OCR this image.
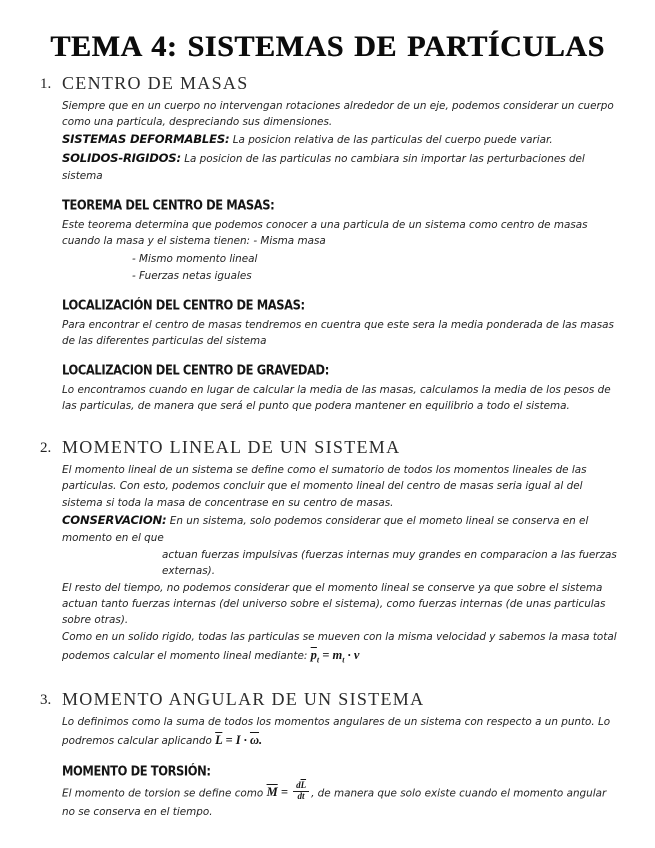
TEMA 4: SISTEMAS DE PARTÍCULAS
1. CENTRO DE MASAS

Siempre que en un cuerpo no intervengan rotaciones alrededor de un eje, podemos considerar un cuerpo como una particula, despreciando sus dimensiones.

SISTEMAS DEFORMABLES: La posicion relativa de las particulas del cuerpo puede variar.

SOLIDOS-RIGIDOS: La posicion de las particulas no cambiara sin importar las perturbaciones del sistema

TEOREMA DEL CENTRO DE MASAS:

Este teorema determina que podemos conocer a una particula de un sistema como centro de masas cuando la masa y el sistema tienen: - Misma masa

- Mismo momento lineal
- Fuerzas netas iguales
LOCALIZACIÓN DEL CENTRO DE MASAS:

Para encontrar el centro de masas tendremos en cuentra que este sera la media ponderada de las masas de las diferentes particulas del sistema

LOCALIZACION DEL CENTRO DE GRAVEDAD:

Lo encontramos cuando en lugar de calcular la media de las masas, calculamos la media de los pesos de las particulas, de manera que será el punto que podera mantener en equilibrio a todo el sistema.

2. MOMENTO LINEAL DE UN SISTEMA

El momento lineal de un sistema se define como el sumatorio de todos los momentos lineales de las particulas. Con esto, podemos concluir que el momento lineal del centro de masas seria igual al del sistema si toda la masa de concentrase en su centro de masas.

CONSERVACION: En un sistema, solo podemos considerar que el mometo lineal se conserva en el momento en el que

actuan fuerzas impulsivas (fuerzas internas muy grandes en comparacion a las fuerzas externas).

El resto del tiempo, no podemos considerar que el momento lineal se conserve ya que sobre el sistema actuan tanto fuerzas internas (del universo sobre el sistema), como fuerzas internas (de unas particulas sobre otras).

Como en un solido rigido, todas las particulas se mueven con la misma velocidad y sabemos la masa total podemos calcular el momento lineal mediante: $\overline{p}_t = m_t \cdot v$

3. MOMENTO ANGULAR DE UN SISTEMA

Lo definimos como la suma de todos los momentos angulares de un sistema con respecto a un punto. Lo podremos calcular aplicando $\overline{L} = I \cdot \overline{\omega}$.

MOMENTO DE TORSIÓN:

El momento de torsion se define como $\overline{M} = \frac{d\overline{L}}{dt}$ , de manera que solo existe cuando el momento angular no se conserva en el tiempo.
